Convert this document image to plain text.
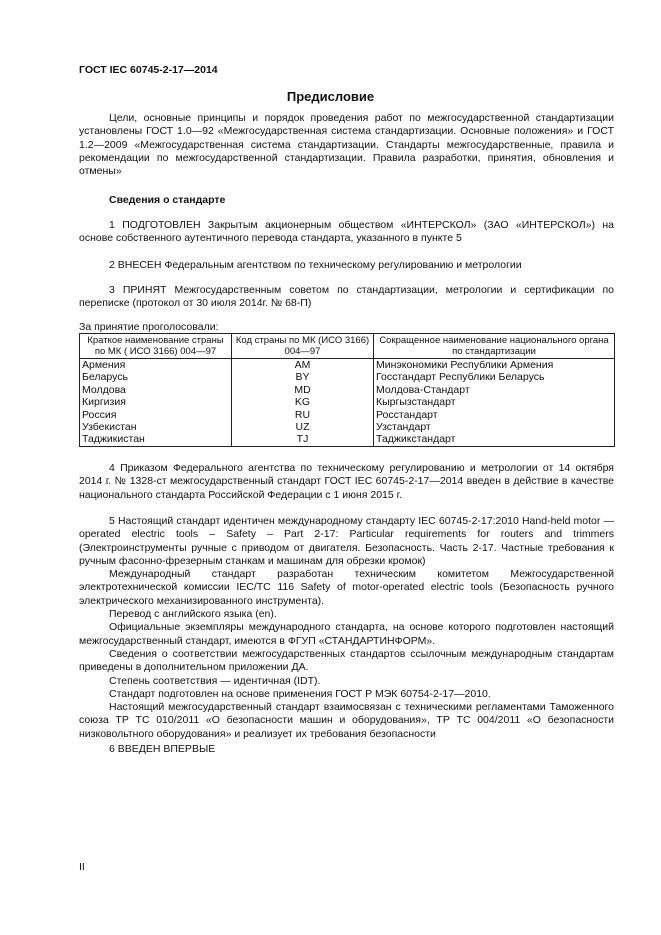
ГОСТ IEC 60745-2-17—2014
Предисловие

Цели, основные принципы и порядок проведения работ по межгосударственной стандартизации установлены ГОСТ 1.0—92 «Межгосударственная система стандартизации. Основные положения» и ГОСТ 1.2—2009 «Межгосударственная система стандартизации. Стандарты межгосударственные, правила и рекомендации по межгосударственной стандартизации. Правила разработки, принятия, обновления и отмены»

Сведения о стандарте

1 ПОДГОТОВЛЕН Закрытым акционерным обществом «ИНТЕРСКОЛ» (ЗАО «ИНТЕРСКОЛ») на основе собственного аутентичного перевода стандарта, указанного в пункте 5

2 ВНЕСЕН Федеральным агентством по техническому регулированию и метрологии

3 ПРИНЯТ Межгосударственным советом по стандартизации, метрологии и сертификации по переписке (протокол от 30 июля 2014г. № 68-П)

За принятие проголосовали:
Краткое наименование страны по МК ( ИСО 3166) 004—97	Код страны по МК (ИСО 3166) 004—97	Сокращенное наименование национального органа по стандартизации
Армения	AM	Минэкономики Республики Армения
Беларусь	BY	Госстандарт Республики Беларусь
Молдова	MD	Молдова-Стандарт
Киргизия	KG	Кыргызстандарт
Россия	RU	Росстандарт
Узбекистан	UZ	Узстандарт
Таджикистан	TJ	Таджикстандарт

4 Приказом Федерального агентства по техническому регулированию и метрологии от 14 октября 2014 г. № 1328-ст межгосударственный стандарт ГОСТ IEC 60745-2-17—2014 введен в действие в качестве национального стандарта Российской Федерации с 1 июня 2015 г.

5 Настоящий стандарт идентичен международному стандарту IEC 60745-2-17:2010 Hand-held motor — operated electric tools – Safety – Part 2-17: Particular requirements for routers and trimmers (Электроинструменты ручные с приводом от двигателя. Безопасность. Часть 2-17. Частные требования к ручным фасонно-фрезерным станкам и машинам для обрезки кромок)

Международный стандарт разработан техническим комитетом Межгосударственной электротехнической комиссии IEC/TC 116 Safety of motor-operated electric tools (Безопасность ручного электрического механизированного инструмента).

Перевод с английского языка (en).

Официальные экземпляры международного стандарта, на основе которого подготовлен настоящий межгосударственный стандарт, имеются в ФГУП «СТАНДАРТИНФОРМ».

Сведения о соответствии межгосударственных стандартов ссылочным международным стандартам приведены в дополнительном приложении ДА.

Степень соответствия — идентичная (IDT).

Стандарт подготовлен на основе применения ГОСТ Р МЭК 60754-2-17—2010.

Настоящий межгосударственный стандарт взаимосвязан с техническими регламентами Таможенного союза ТР ТС 010/2011 «О безопасности машин и оборудования», ТР ТС 004/2011 «О безопасности низковольтного оборудования» и реализует их требования безопасности

6 ВВЕДЕН ВПЕРВЫЕ

II
